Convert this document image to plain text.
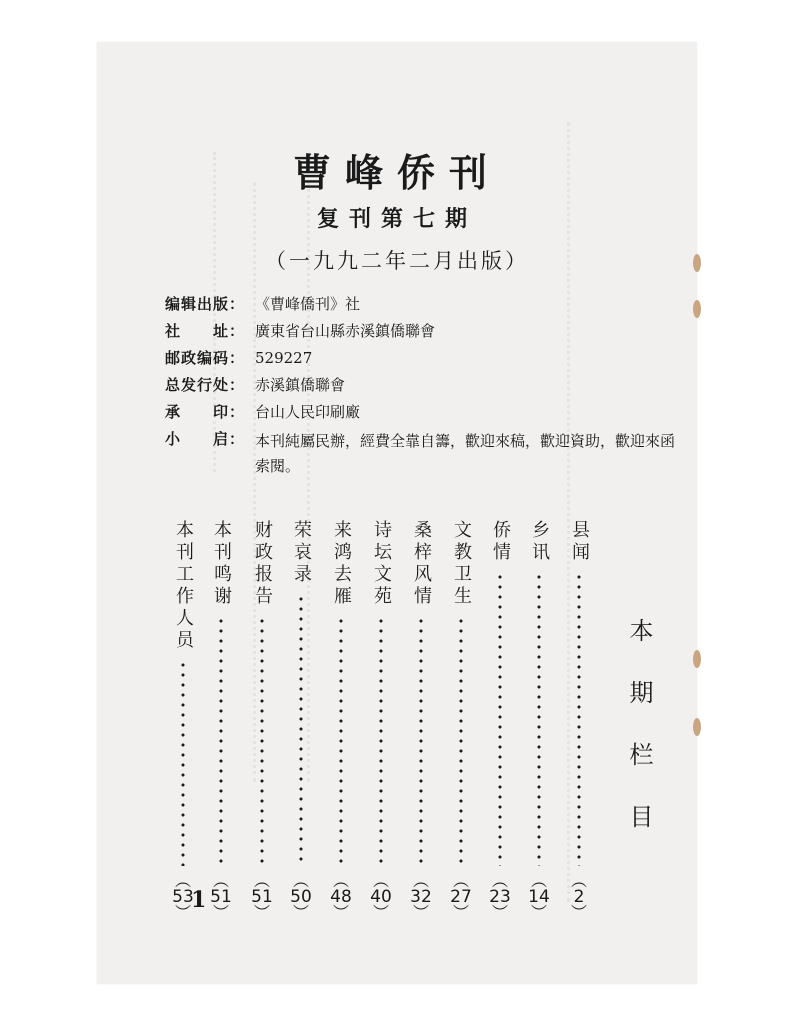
曹峰侨刊
复刊第七期
（一九九二年二月出版）
编辑出版： 《曹峰僑刊》社
社　　址： 廣東省台山縣赤溪鎮僑聯會
邮政编码： 529227
总发行处： 赤溪鎮僑聯會
承　　印： 台山人民印刷廠
小　　启： 本刊純屬民辦，經費全靠自籌，歡迎來稿，歡迎資助，歡迎來函索閱。
本期栏目
1
县闻
︵
2
︶
乡讯
︵
14
︶
侨情
︵
23
︶
文教卫生
︵
27
︶
桑梓风情
︵
32
︶
诗坛文苑
︵
40
︶
来鸿去雁
︵
48
︶
荣哀录
︵
50
︶
财政报告
︵
51
︶
本刊鸣谢
︵
51
︶
本刊工作人员
︵
53
︶
